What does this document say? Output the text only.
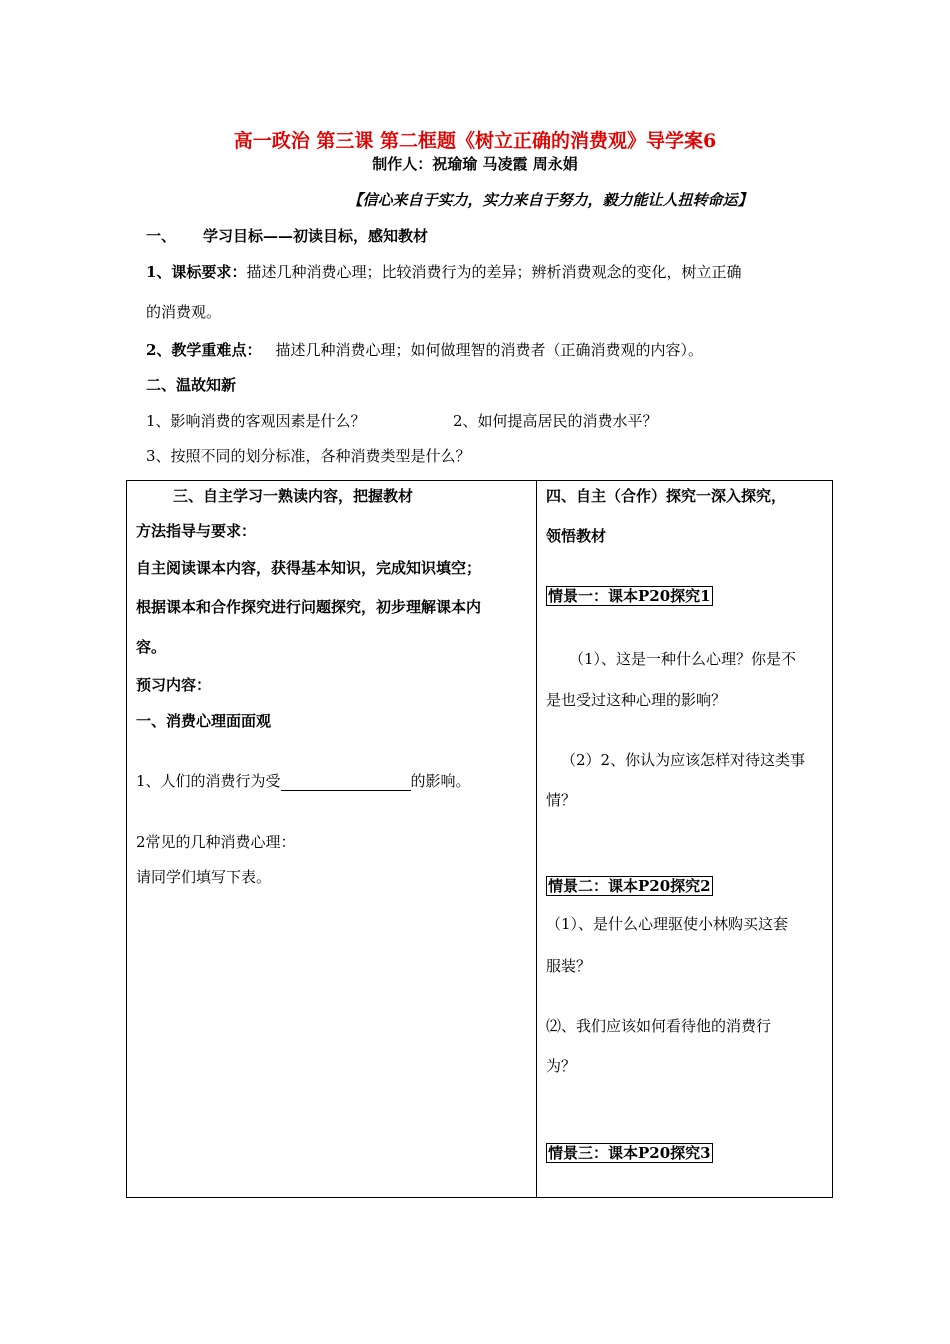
高一政治 第三课 第二框题《树立正确的消费观》导学案6
制作人：祝瑜瑜 马凌霞 周永娟
【信心来自于实力，实力来自于努力，毅力能让人扭转命运】
一、 学习目标——初读目标，感知教材
1、课标要求：描述几种消费心理；比较消费行为的差异；辨析消费观念的变化，树立正确
的消费观。
2、教学重难点： 描述几种消费心理；如何做理智的消费者（正确消费观的内容）。
二、温故知新
1、影响消费的客观因素是什么？	2、如何提高居民的消费水平？
3、按照不同的划分标准，各种消费类型是什么？
三、自主学习一熟读内容，把握教材
方法指导与要求：
自主阅读课本内容，获得基本知识，完成知识填空；
根据课本和合作探究进行问题探究，初步理解课本内
容。
预习内容：
一、消费心理面面观
1、人们的消费行为受	的影响。
2常见的几种消费心理：
请同学们填写下表。
四、自主（合作）探究一深入探究，
领悟教材
情景一：课本P20探究1
（1）、这是一种什么心理？你是不
是也受过这种心理的影响？
（2）2、你认为应该怎样对待这类事
情？
情景二：课本P20探究2
（1）、是什么心理驱使小林购买这套
服装？
⑵、我们应该如何看待他的消费行
为？
情景三：课本P20探究3
